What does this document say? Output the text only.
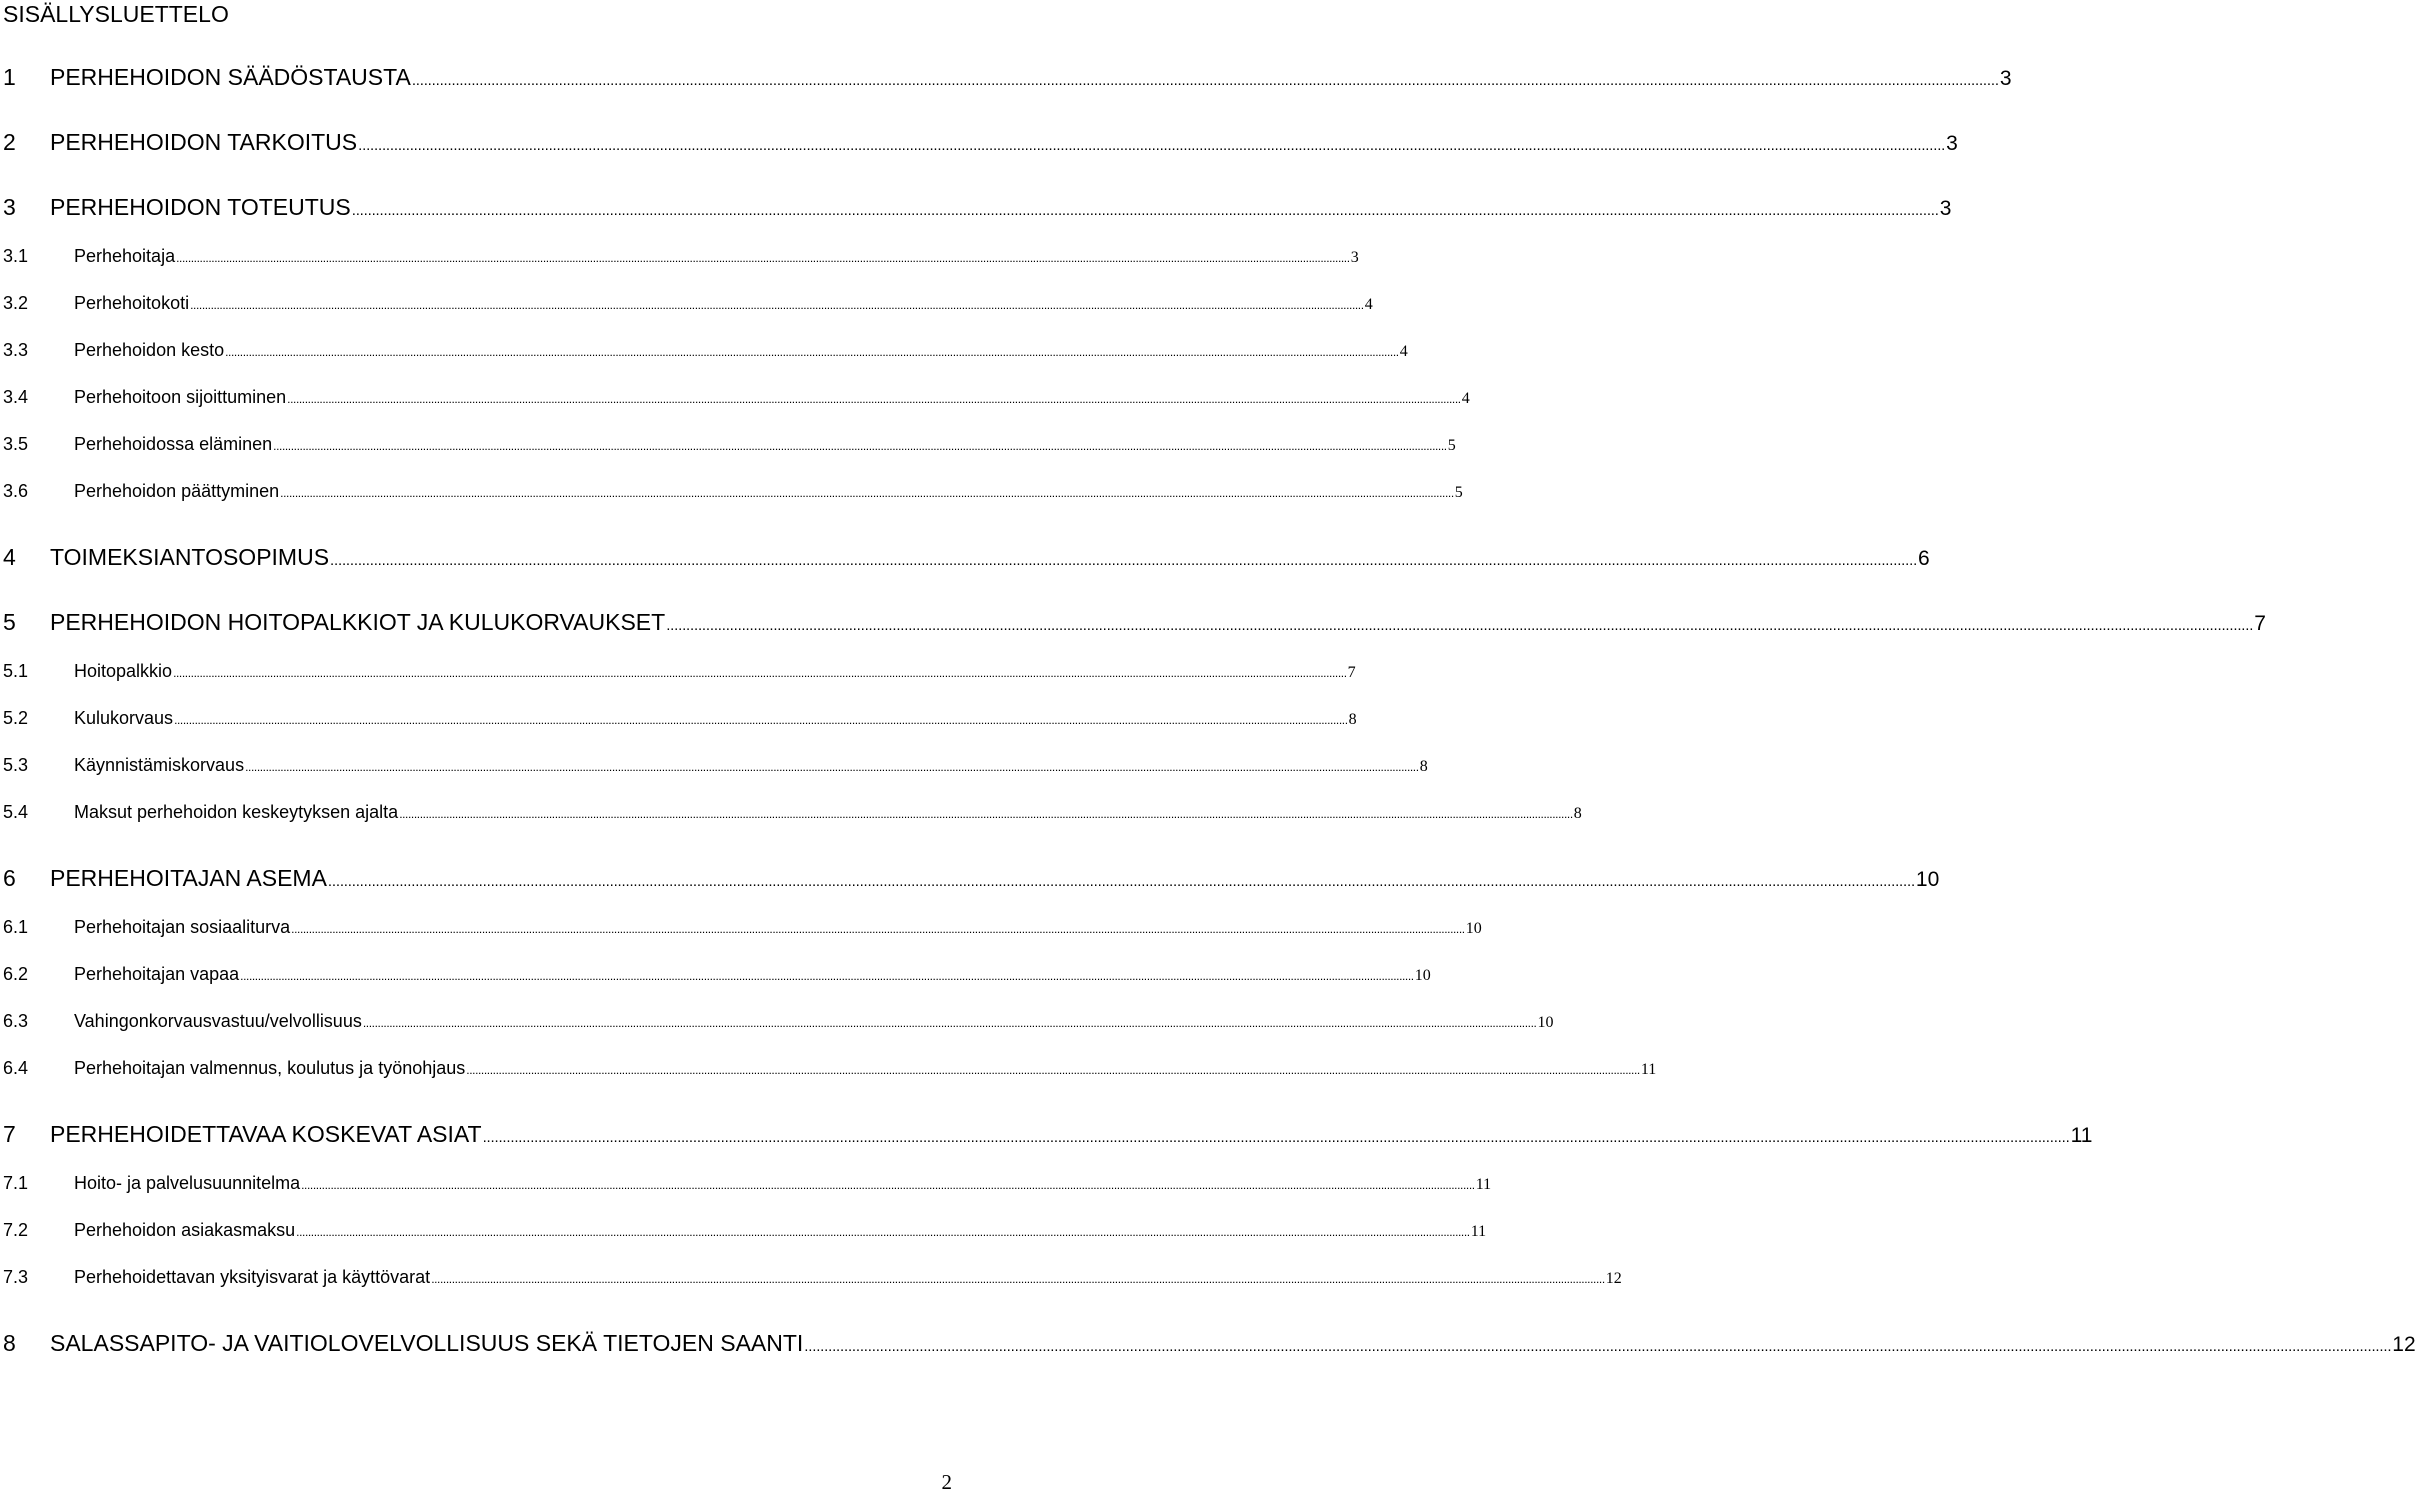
SISÄLLYSLUETTELO
1	PERHEHOIDON SÄÄDÖSTAUSTA ................................................................................................................................................................................................................................................................................................................................................................................................................ 3
2	PERHEHOIDON TARKOITUS ................................................................................................................................................................................................................................................................................................................................................................................................................ 3
3	PERHEHOIDON TOTEUTUS ................................................................................................................................................................................................................................................................................................................................................................................................................ 3
3.1	Perhehoitaja ................................................................................................................................................................................................................................................................................................................................................................................................................ 3
3.2	Perhehoitokoti ................................................................................................................................................................................................................................................................................................................................................................................................................ 4
3.3	Perhehoidon kesto ................................................................................................................................................................................................................................................................................................................................................................................................................ 4
3.4	Perhehoitoon sijoittuminen ................................................................................................................................................................................................................................................................................................................................................................................................................ 4
3.5	Perhehoidossa eläminen ................................................................................................................................................................................................................................................................................................................................................................................................................ 5
3.6	Perhehoidon päättyminen ................................................................................................................................................................................................................................................................................................................................................................................................................ 5
4	TOIMEKSIANTOSOPIMUS ................................................................................................................................................................................................................................................................................................................................................................................................................ 6
5	PERHEHOIDON HOITOPALKKIOT JA KULUKORVAUKSET ................................................................................................................................................................................................................................................................................................................................................................................................................ 7
5.1	Hoitopalkkio ................................................................................................................................................................................................................................................................................................................................................................................................................ 7
5.2	Kulukorvaus ................................................................................................................................................................................................................................................................................................................................................................................................................ 8
5.3	Käynnistämiskorvaus ................................................................................................................................................................................................................................................................................................................................................................................................................ 8
5.4	Maksut perhehoidon keskeytyksen ajalta ................................................................................................................................................................................................................................................................................................................................................................................................................ 8
6	PERHEHOITAJAN ASEMA ................................................................................................................................................................................................................................................................................................................................................................................................................ 10
6.1	Perhehoitajan sosiaaliturva ................................................................................................................................................................................................................................................................................................................................................................................................................ 10
6.2	Perhehoitajan vapaa ................................................................................................................................................................................................................................................................................................................................................................................................................ 10
6.3	Vahingonkorvausvastuu/velvollisuus ................................................................................................................................................................................................................................................................................................................................................................................................................ 10
6.4	Perhehoitajan valmennus, koulutus ja työnohjaus ................................................................................................................................................................................................................................................................................................................................................................................................................ 11
7	PERHEHOIDETTAVAA KOSKEVAT ASIAT ................................................................................................................................................................................................................................................................................................................................................................................................................ 11
7.1	Hoito- ja palvelusuunnitelma ................................................................................................................................................................................................................................................................................................................................................................................................................ 11
7.2	Perhehoidon asiakasmaksu ................................................................................................................................................................................................................................................................................................................................................................................................................ 11
7.3	Perhehoidettavan yksityisvarat ja käyttövarat ................................................................................................................................................................................................................................................................................................................................................................................................................ 12
8	SALASSAPITO- JA VAITIOLOVELVOLLISUUS SEKÄ TIETOJEN SAANTI ................................................................................................................................................................................................................................................................................................................................................................................................................ 12
2
